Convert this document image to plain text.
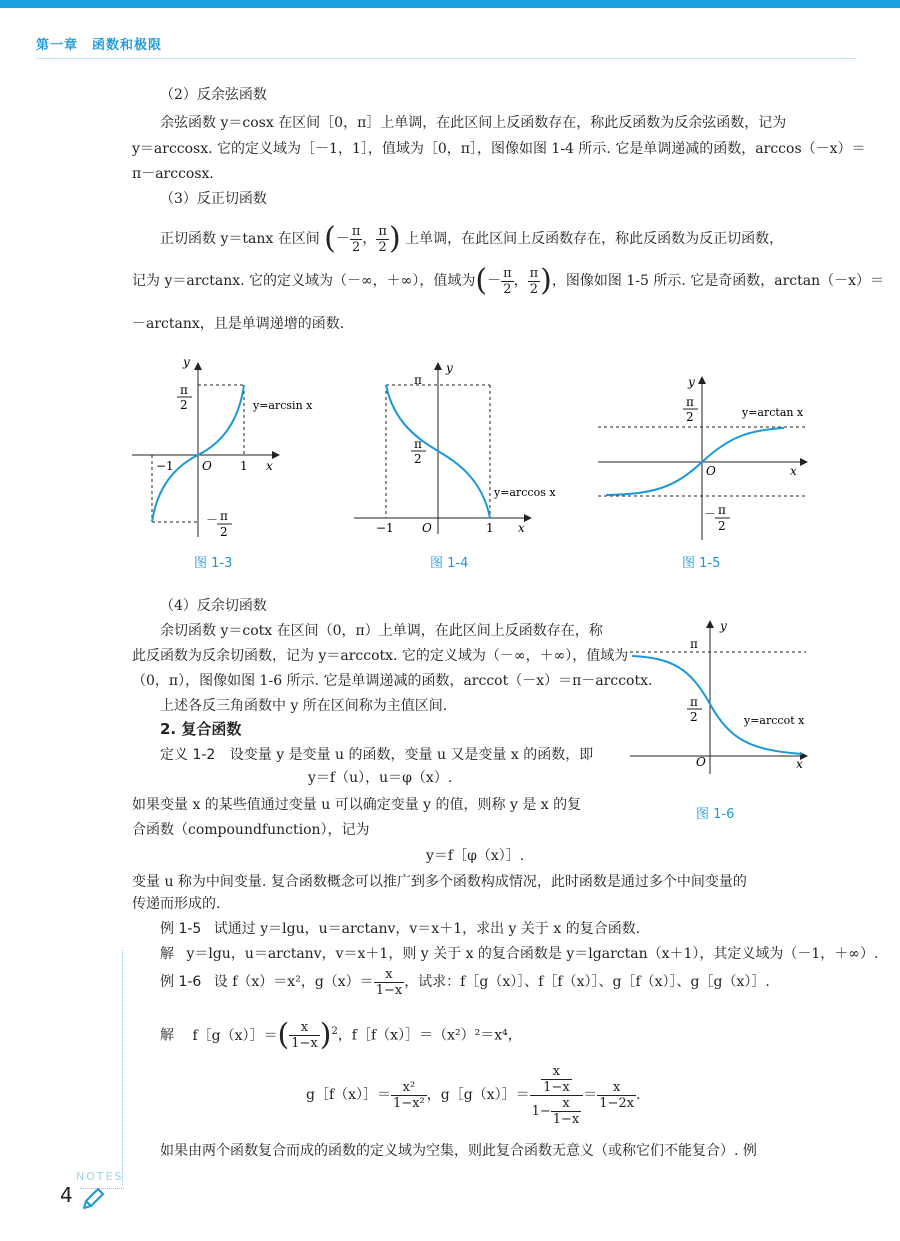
第一章　函数和极限
（2）反余弦函数
余弦函数 y＝cosx 在区间［0，π］上单调，在此区间上反函数存在，称此反函数为反余弦函数，记为
y＝arccosx. 它的定义域为［－1，1］，值域为［0，π］，图像如图 1-4 所示. 它是单调递减的函数，arccos（－x）＝
π－arccosx.
（3）反正切函数
正切函数 y＝tanx 在区间 (－ $\frac{\pi}{2}$ ， $\frac{\pi}{2}$ ) 上单调，在此区间上反函数存在，称此反函数为反正切函数，
记为 y＝arctanx. 它的定义域为（－∞，＋∞），值域为(－ $\frac{\pi}{2}$ ， $\frac{\pi}{2}$ )，图像如图 1-5 所示. 它是奇函数，arctan（－x）＝
－arctanx，且是单调递增的函数.
y
π
2	y=arcsin x
−1 O 1 x
－ π
2
图 1-3
y
π
π
2
y=arccos x
−1 O	1 x
图 1-4
y
π
2	y=arctan x
O	x
－ π
2
图 1-5
（4）反余切函数
余切函数 y＝cotx 在区间（0，π）上单调，在此区间上反函数存在，称
此反函数为反余切函数，记为 y＝arccotx. 它的定义域为（－∞，＋∞），值域为
（0，π），图像如图 1-6 所示. 它是单调递减的函数，arccot（－x）＝π－arccotx.
上述各反三角函数中 y 所在区间称为主值区间.
y
π
π
2	y=arccot x
O	x
图 1-6
2. 复合函数
定义 1-2 设变量 y 是变量 u 的函数，变量 u 又是变量 x 的函数，即
y＝f（u），u＝φ（x）.
如果变量 x 的某些值通过变量 u 可以确定变量 y 的值，则称 y 是 x 的复
合函数（compoundfunction），记为
y＝f［φ（x）］.
变量 u 称为中间变量. 复合函数概念可以推广到多个函数构成情况，此时函数是通过多个中间变量的
传递而形成的.
例 1-5 试通过 y＝lgu，u＝arctanv，v＝x＋1，求出 y 关于 x 的复合函数.
解 y＝lgu，u＝arctanv，v＝x＋1，则 y 关于 x 的复合函数是 y＝lgarctan（x＋1），其定义域为（－1，＋∞）.
例 1-6 设 f（x）＝x²，$g(x)= \frac{x}{1-x}$ ，试求：f［g（x）］、f［f（x）］、g［f（x）］、g［g（x）］.
解 f［g（x）］＝( $\frac{x}{1-x} )^2$，f［f（x）］＝（x²）²＝x⁴，
g［f（x）］＝ $\frac{\text{x²}}{\text{1−x²}}$ ，g［g（x）］＝ $\frac{\frac{x}{1-x}}{1- \frac{x}{1-x}} = \frac{x}{1-2x}$ .
如果由两个函数复合而成的函数的定义域为空集，则此复合函数无意义（或称它们不能复合）. 例
NOTES
4
